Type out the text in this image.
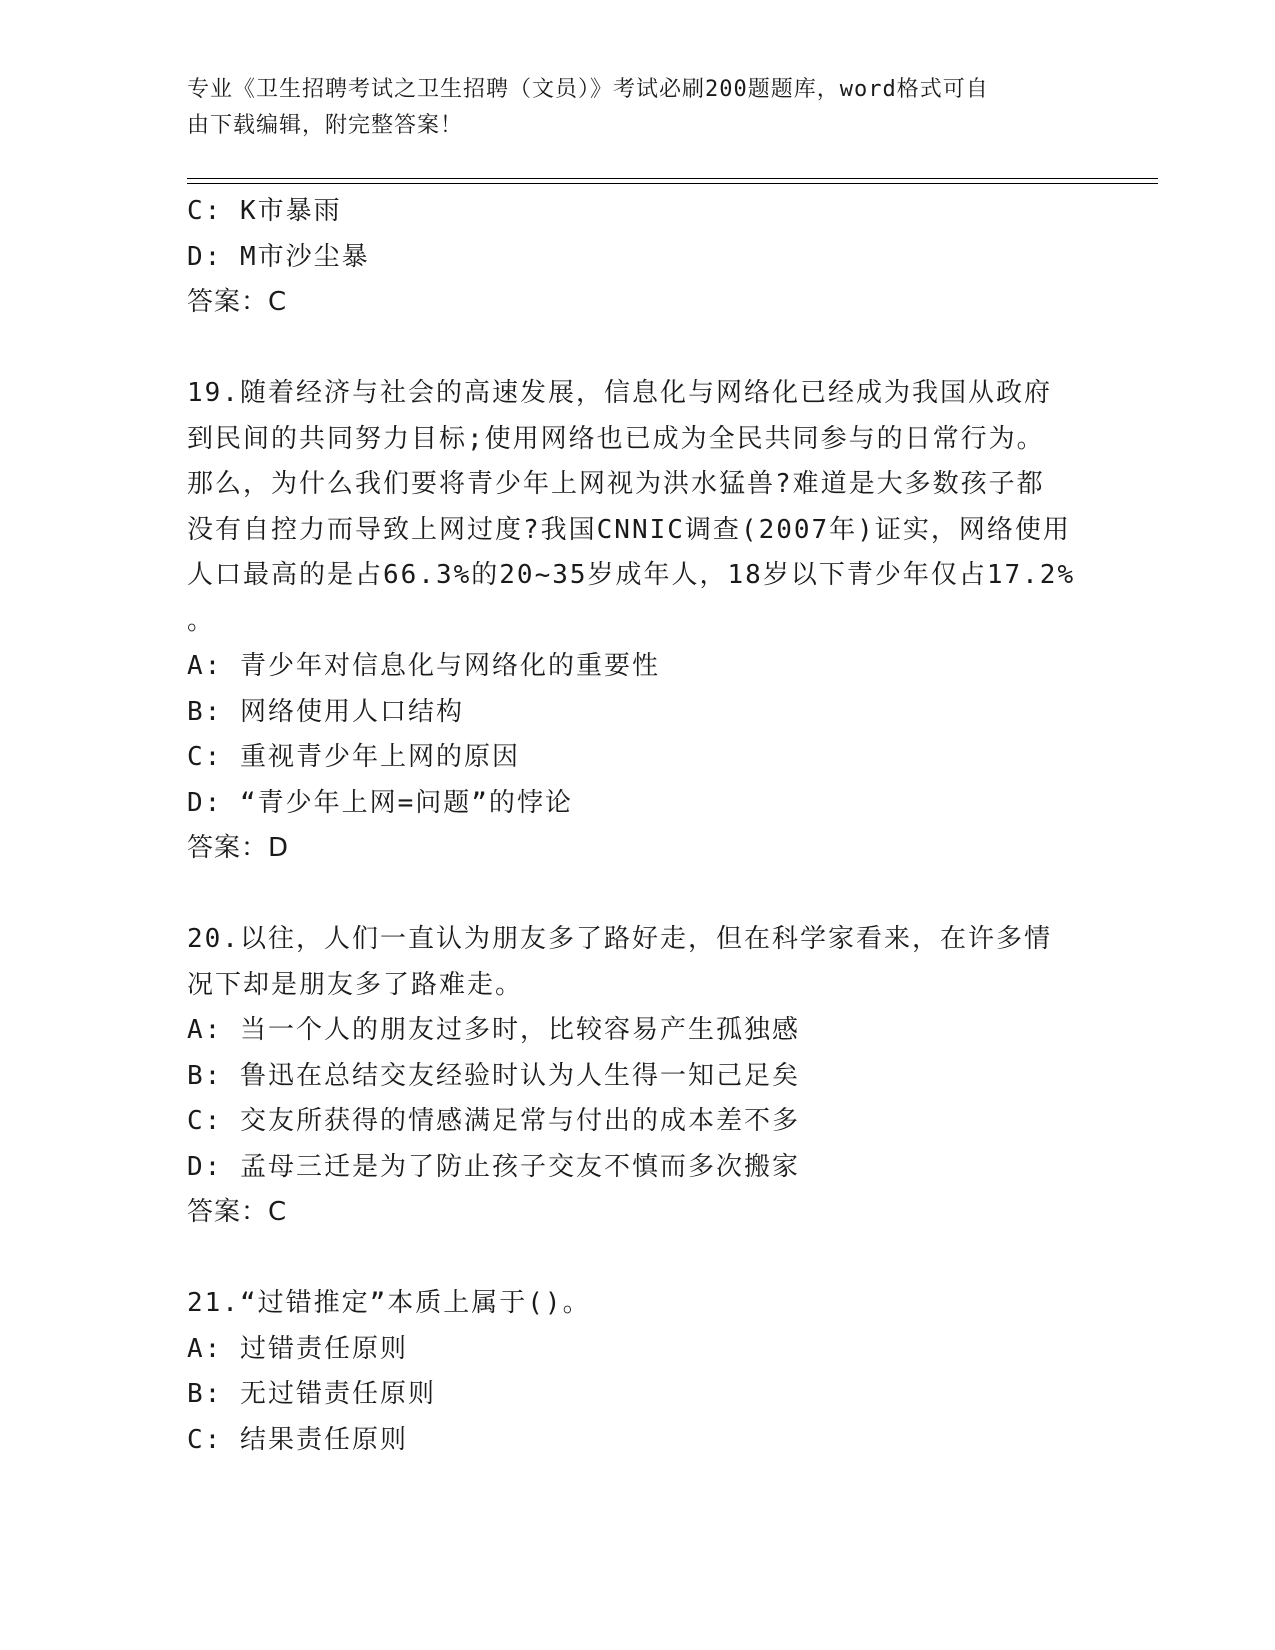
专业《卫生招聘考试之卫生招聘（文员）》考试必刷200题题库，word格式可自
由下载编辑，附完整答案！
C: K市暴雨
D: M市沙尘暴
答案：C
19.随着经济与社会的高速发展，信息化与网络化已经成为我国从政府
到民间的共同努力目标;使用网络也已成为全民共同参与的日常行为。
那么，为什么我们要将青少年上网视为洪水猛兽?难道是大多数孩子都
没有自控力而导致上网过度?我国CNNIC调查(2007年)证实，网络使用
人口最高的是占66.3%的20~35岁成年人，18岁以下青少年仅占17.2%
。
A: 青少年对信息化与网络化的重要性
B: 网络使用人口结构
C: 重视青少年上网的原因
D: “青少年上网=问题”的悖论
答案：D
20.以往，人们一直认为朋友多了路好走，但在科学家看来，在许多情
况下却是朋友多了路难走。
A: 当一个人的朋友过多时，比较容易产生孤独感
B: 鲁迅在总结交友经验时认为人生得一知己足矣
C: 交友所获得的情感满足常与付出的成本差不多
D: 孟母三迁是为了防止孩子交友不慎而多次搬家
答案：C
21.“过错推定”本质上属于()。
A: 过错责任原则
B: 无过错责任原则
C: 结果责任原则
